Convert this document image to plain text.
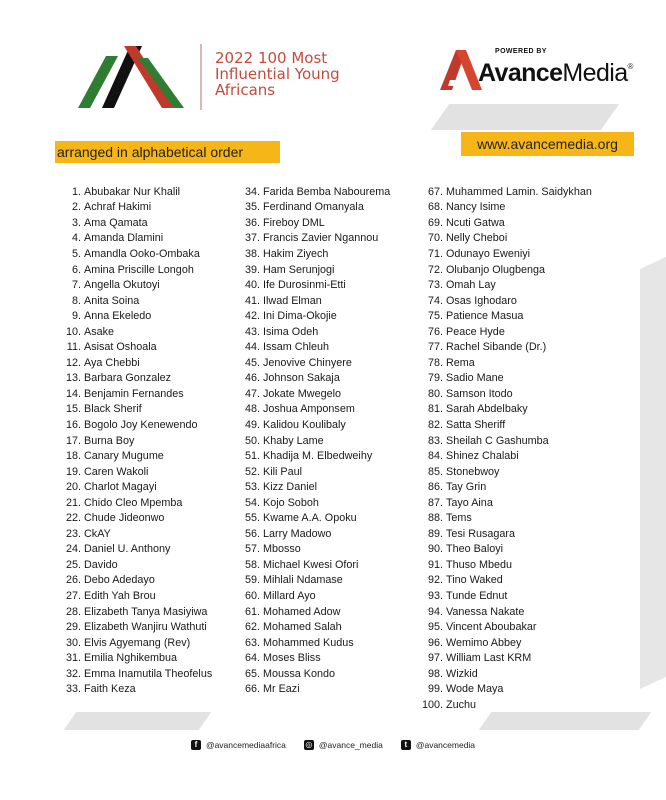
2022 100 Most
Influential Young
Africans
POWERED BY
AvanceMedia®
arranged in alphabetical order	www.avancemedia.org
1. Abubakar Nur Khalil
2. Achraf Hakimi
3. Ama Qamata
4. Amanda Dlamini
5. Amandla Ooko-Ombaka
6. Amina Priscille Longoh
7. Angella Okutoyi
8. Anita Soina
9. Anna Ekeledo
10. Asake
11. Asisat Oshoala
12. Aya Chebbi
13. Barbara Gonzalez
14. Benjamin Fernandes
15. Black Sherif
16. Bogolo Joy Kenewendo
17. Burna Boy
18. Canary Mugume
19. Caren Wakoli
20. Charlot Magayi
21. Chido Cleo Mpemba
22. Chude Jideonwo
23. CkAY
24. Daniel U. Anthony
25. Davido
26. Debo Adedayo
27. Edith Yah Brou
28. Elizabeth Tanya Masiyiwa
29. Elizabeth Wanjiru Wathuti
30. Elvis Agyemang (Rev)
31. Emilia Nghikembua
32. Emma Inamutila Theofelus
33. Faith Keza
34. Farida Bemba Nabourema
35. Ferdinand Omanyala
36. Fireboy DML
37. Francis Zavier Ngannou
38. Hakim Ziyech
39. Ham Serunjogi
40. Ife Durosinmi-Etti
41. Ilwad Elman
42. Ini Dima-Okojie
43. Isima Odeh
44. Issam Chleuh
45. Jenovive Chinyere
46. Johnson Sakaja
47. Jokate Mwegelo
48. Joshua Amponsem
49. Kalidou Koulibaly
50. Khaby Lame
51. Khadija M. Elbedweihy
52. Kili Paul
53. Kizz Daniel
54. Kojo Soboh
55. Kwame A.A. Opoku
56. Larry Madowo
57. Mbosso
58. Michael Kwesi Ofori
59. Mihlali Ndamase
60. Millard Ayo
61. Mohamed Adow
62. Mohamed Salah
63. Mohammed Kudus
64. Moses Bliss
65. Moussa Kondo
66. Mr Eazi
67. Muhammed Lamin. Saidykhan
68. Nancy Isime
69. Ncuti Gatwa
70. Nelly Cheboi
71. Odunayo Eweniyi
72. Olubanjo Olugbenga
73. Omah Lay
74. Osas Ighodaro
75. Patience Masua
76. Peace Hyde
77. Rachel Sibande (Dr.)
78. Rema
79. Sadio Mane
80. Samson Itodo
81. Sarah Abdelbaky
82. Satta Sheriff
83. Sheilah C Gashumba
84. Shinez Chalabi
85. Stonebwoy
86. Tay Grin
87. Tayo Aina
88. Tems
89. Tesi Rusagara
90. Theo Baloyi
91. Thuso Mbedu
92. Tino Waked
93. Tunde Ednut
94. Vanessa Nakate
95. Vincent Aboubakar
96. Wemimo Abbey
97. William Last KRM
98. Wizkid
99. Wode Maya
100. Zuchu
f	@avancemediaafrica ◎ @avance_media	t	@avancemedia
